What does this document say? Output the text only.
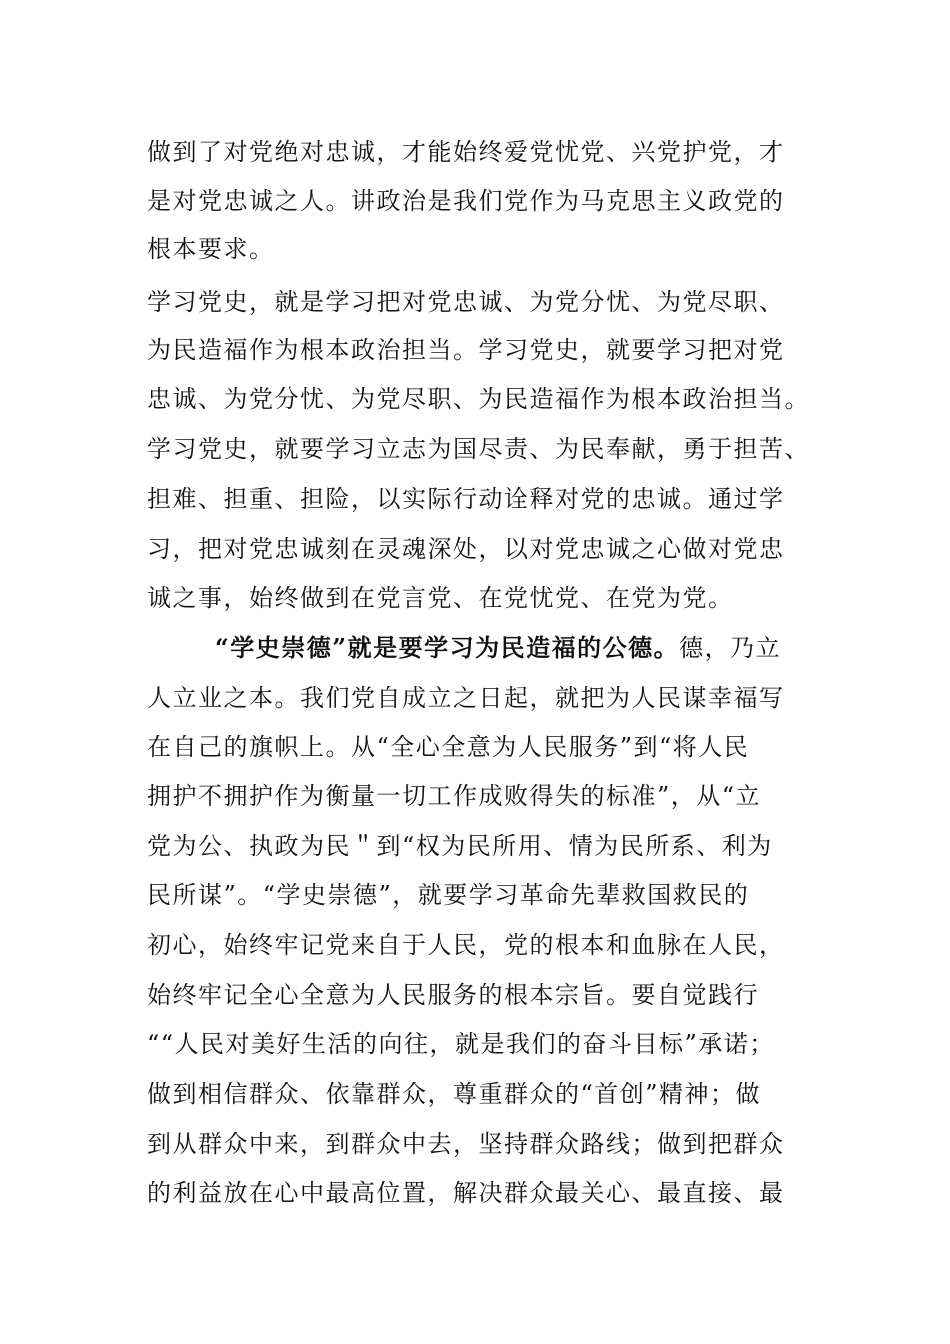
做到了对党绝对忠诚，才能始终爱党忧党、兴党护党，才
是对党忠诚之人。讲政治是我们党作为马克思主义政党的
根本要求。
学习党史，就是学习把对党忠诚、为党分忧、为党尽职、
为民造福作为根本政治担当。学习党史，就要学习把对党
忠诚、为党分忧、为党尽职、为民造福作为根本政治担当。
学习党史，就要学习立志为国尽责、为民奉献，勇于担苦、
担难、担重、担险，以实际行动诠释对党的忠诚。通过学
习，把对党忠诚刻在灵魂深处，以对党忠诚之心做对党忠
诚之事，始终做到在党言党、在党忧党、在党为党。
“学史崇德”就是要学习为民造福的公德。德，乃立
人立业之本。我们党自成立之日起，就把为人民谋幸福写
在自己的旗帜上。从“全心全意为人民服务”到“将人民
拥护不拥护作为衡量一切工作成败得失的标准”，从“立
党为公、执政为民＂到“权为民所用、情为民所系、利为
民所谋”。“学史崇德”，就要学习革命先辈救国救民的
初心，始终牢记党来自于人民，党的根本和血脉在人民，
始终牢记全心全意为人民服务的根本宗旨。要自觉践行
““人民对美好生活的向往，就是我们的奋斗目标”承诺；
做到相信群众、依靠群众，尊重群众的“首创”精神；做
到从群众中来，到群众中去，坚持群众路线；做到把群众
的利益放在心中最高位置，解决群众最关心、最直接、最
